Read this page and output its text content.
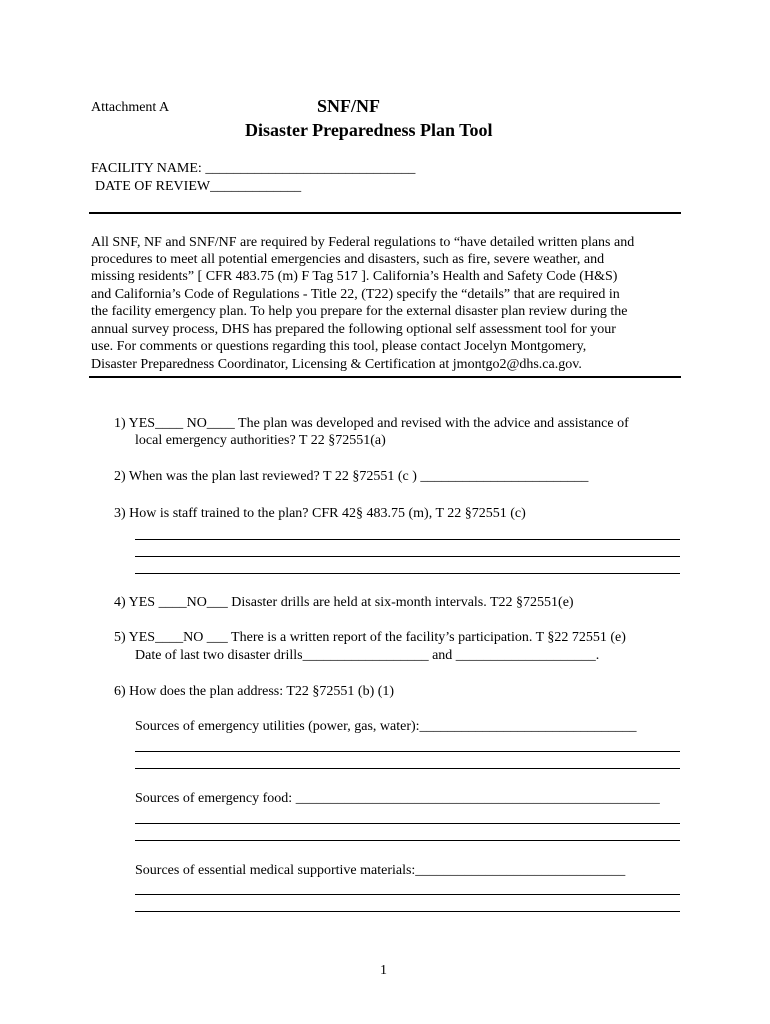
Attachment A	SNF/NF
Disaster Preparedness Plan Tool
FACILITY NAME: ______________________________
DATE OF REVIEW_____________
All SNF, NF and SNF/NF are required by Federal regulations to “have detailed written plans and
procedures to meet all potential emergencies and disasters, such as fire, severe weather, and
missing residents” [ CFR 483.75 (m) F Tag 517 ]. California’s Health and Safety Code (H&S)
and California’s Code of Regulations - Title 22, (T22) specify the “details” that are required in
the facility emergency plan. To help you prepare for the external disaster plan review during the
annual survey process, DHS has prepared the following optional self assessment tool for your
use. For comments or questions regarding this tool, please contact Jocelyn Montgomery,
Disaster Preparedness Coordinator, Licensing & Certification at jmontgo2@dhs.ca.gov.
1) YES____ NO____ The plan was developed and revised with the advice and assistance of
local emergency authorities? T 22 §72551(a)
2) When was the plan last reviewed? T 22 §72551 (c ) ________________________
3) How is staff trained to the plan? CFR 42§ 483.75 (m), T 22 §72551 (c)
4) YES ____NO___ Disaster drills are held at six-month intervals. T22 §72551(e)
5) YES____NO ___ There is a written report of the facility’s participation. T §22 72551 (e)
Date of last two disaster drills__________________ and ____________________.
6) How does the plan address: T22 §72551 (b) (1)
Sources of emergency utilities (power, gas, water):_______________________________
Sources of emergency food: ____________________________________________________
Sources of essential medical supportive materials:______________________________
1
